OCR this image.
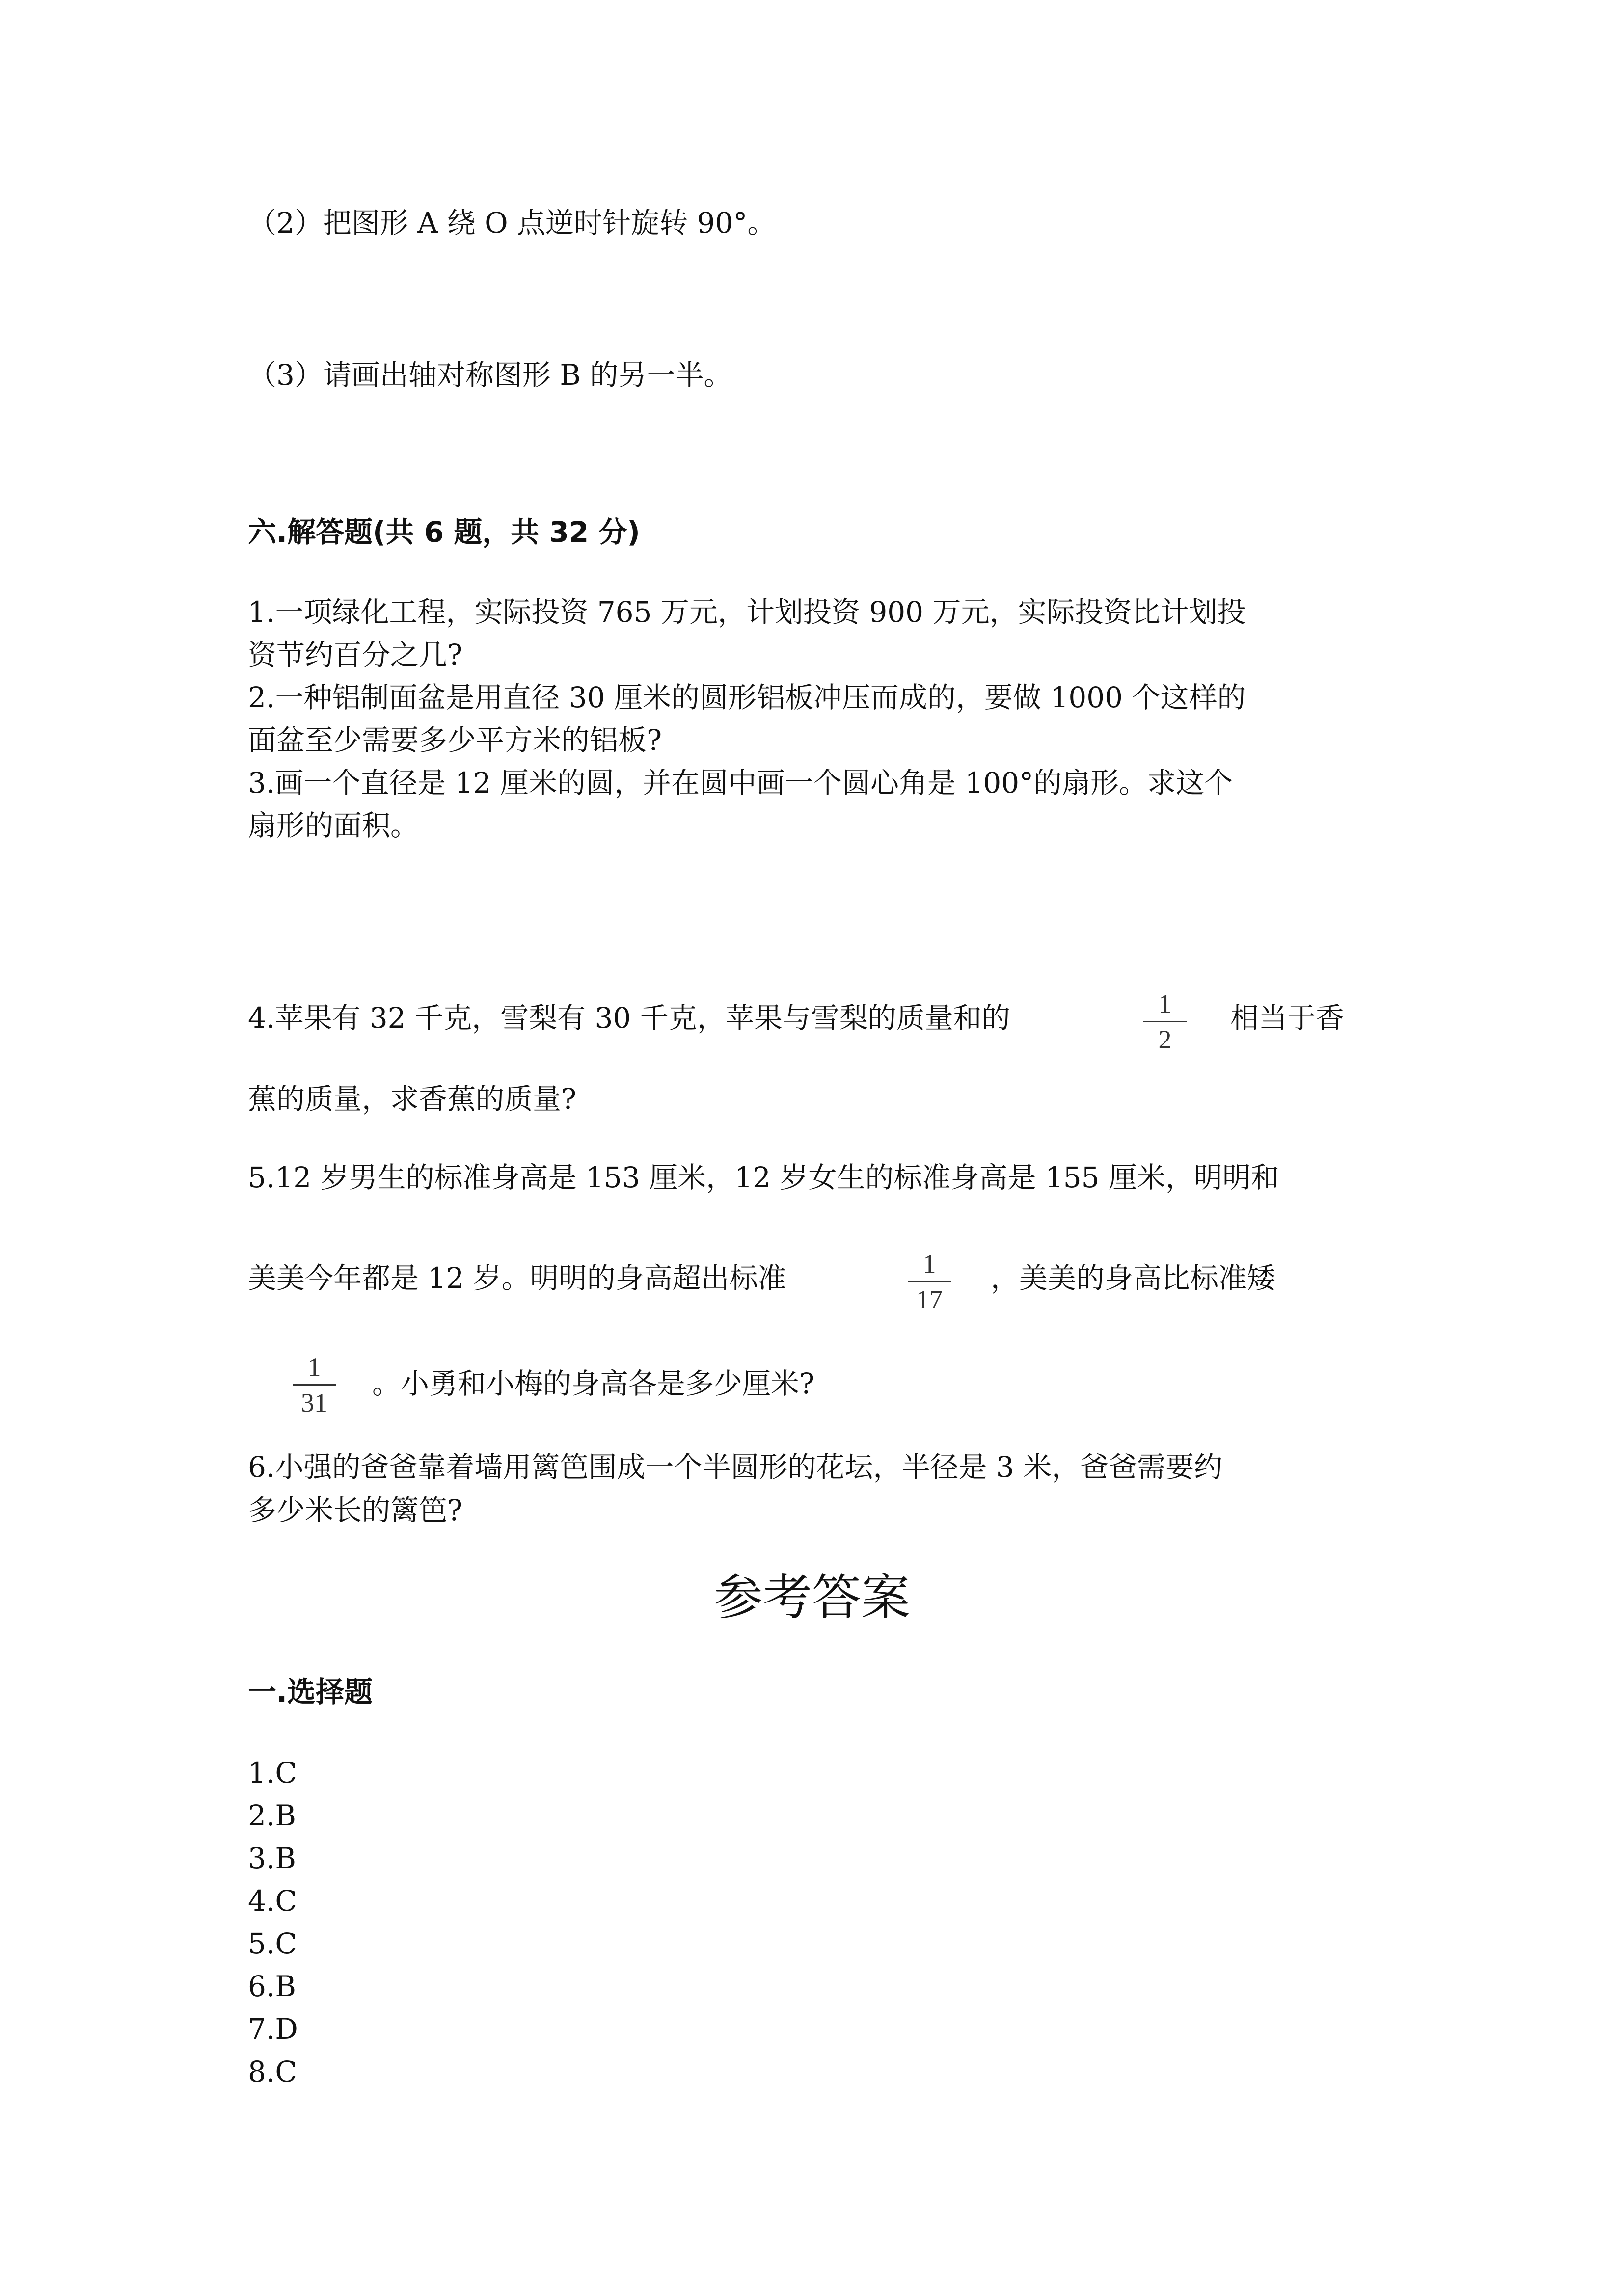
（2）把图形 A 绕 O 点逆时针旋转 90°。
（3）请画出轴对称图形 B 的另一半。
六.解答题(共 6 题，共 32 分)
1.一项绿化工程，实际投资 765 万元，计划投资 900 万元，实际投资比计划投
资节约百分之几?
2.一种铝制面盆是用直径 30 厘米的圆形铝板冲压而成的，要做 1000 个这样的
面盆至少需要多少平方米的铝板?
3.画一个直径是 12 厘米的圆，并在圆中画一个圆心角是 100°的扇形。求这个
扇形的面积。
4.苹果有 32 千克，雪梨有 30 千克，苹果与雪梨的质量和的	1
2
相当于香
蕉的质量，求香蕉的质量?
5.12 岁男生的标准身高是 153 厘米，12 岁女生的标准身高是 155 厘米，明明和
美美今年都是 12 岁。明明的身高超出标准	1
17
，美美的身高比标准矮
1
31
。小勇和小梅的身高各是多少厘米?
6.小强的爸爸靠着墙用篱笆围成一个半圆形的花坛，半径是 3 米，爸爸需要约
多少米长的篱笆?
参考答案
一.选择题
1.C
2.B
3.B
4.C
5.C
6.B
7.D
8.C
